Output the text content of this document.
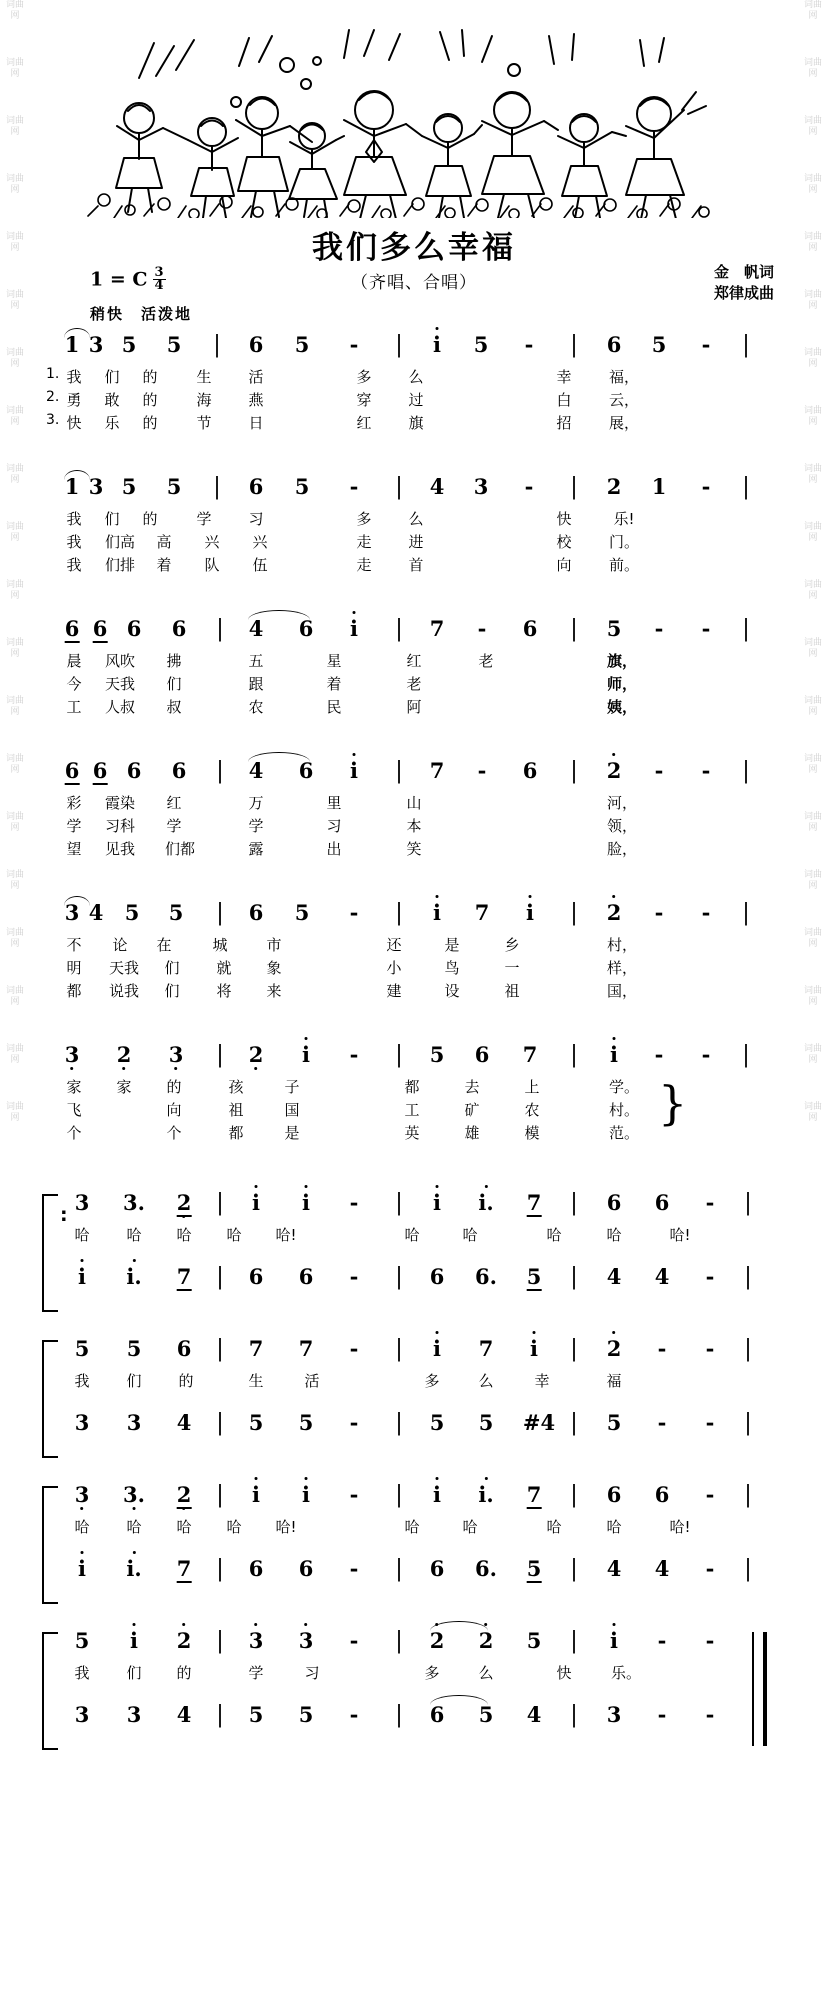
词曲网
词曲网
词曲网
词曲网
词曲网
词曲网
词曲网
词曲网
词曲网
词曲网
词曲网
词曲网
词曲网
词曲网
词曲网
词曲网
词曲网
词曲网
词曲网
词曲网
词曲网
词曲网
词曲网
词曲网
词曲网
词曲网
词曲网
词曲网
词曲网
词曲网
词曲网
词曲网
词曲网
词曲网
词曲网
词曲网
词曲网
词曲网
词曲网
词曲网
我们多么幸福
（齐唱、合唱）
1 = C $\frac{3}{4}$	金　帆词
郑律成曲
稍快　活泼地
1 3 5 5 | 6 5 - | i 5 - | 6 5 - |
1. 我 们 的	生 活	多 么	幸 福，
2. 勇 敢 的	海 燕	穿 过	白 云，
3. 快 乐 的	节 日	红 旗	招 展，
1 3 5 5 | 6 5 - | 4 3 - | 2 1 - |
我 们 的	学 习	多 么	快	乐!
我 们高 高 兴 兴	走 进	校 门。
我 们排 着 队 伍	走 首	向 前。
6 6 6 6 | 4 6 i | 7 - 6 | 5 - - |
晨 风吹 拂	五	星	红	老	旗，
今 天我 们	跟	着	老	师，
工 人叔 叔	农	民	阿	姨，
6 6 6 6 | 4 6 i | 7 - 6 | 2 - - |
彩 霞染 红	万	里	山	河，
学 习科 学	学	习	本	领，
望 见我 们都	露	出	笑	脸，
3 4 5 5 | 6 5 - | i 7 i | 2 - - |
不 论 在	城	市	还	是	乡	村，
明 天我 们 就 象	小	鸟	一	样，
都 说我 们 将 来	建	设	祖	国，
3 2 3 | 2 i - | 5 6 7 | i - - |
家 家 的	孩	子	都	去	上	学。
飞	向	祖	国	工	矿	农	村。
个	个	都	是	英	雄	模	范。
}
: 3 3. 2 | i i - | i i. 7 | 6 6 - |
哈 哈 哈 哈 哈!	哈	哈	哈	哈	哈!
i i. 7 | 6 6 - | 6 6. 5 | 4 4 - |
5 5 6 | 7 7 - | i 7 i | 2 - - |
我 们 的	生	活	多	么	幸	福
3 3 4 | 5 5 - | 5 5 #4 | 5 - - |
3 3. 2 | i i - | i i. 7 | 6 6 - |
哈 哈 哈 哈 哈!	哈	哈	哈	哈	哈!
i i. 7 | 6 6 - | 6 6. 5 | 4 4 - |
5 i 2 | 3 3 - | 2 2 5 | i - -
我 们 的	学	习	多	么	快	乐。
3 3 4 | 5 5 - | 6 5 4 | 3 - -
